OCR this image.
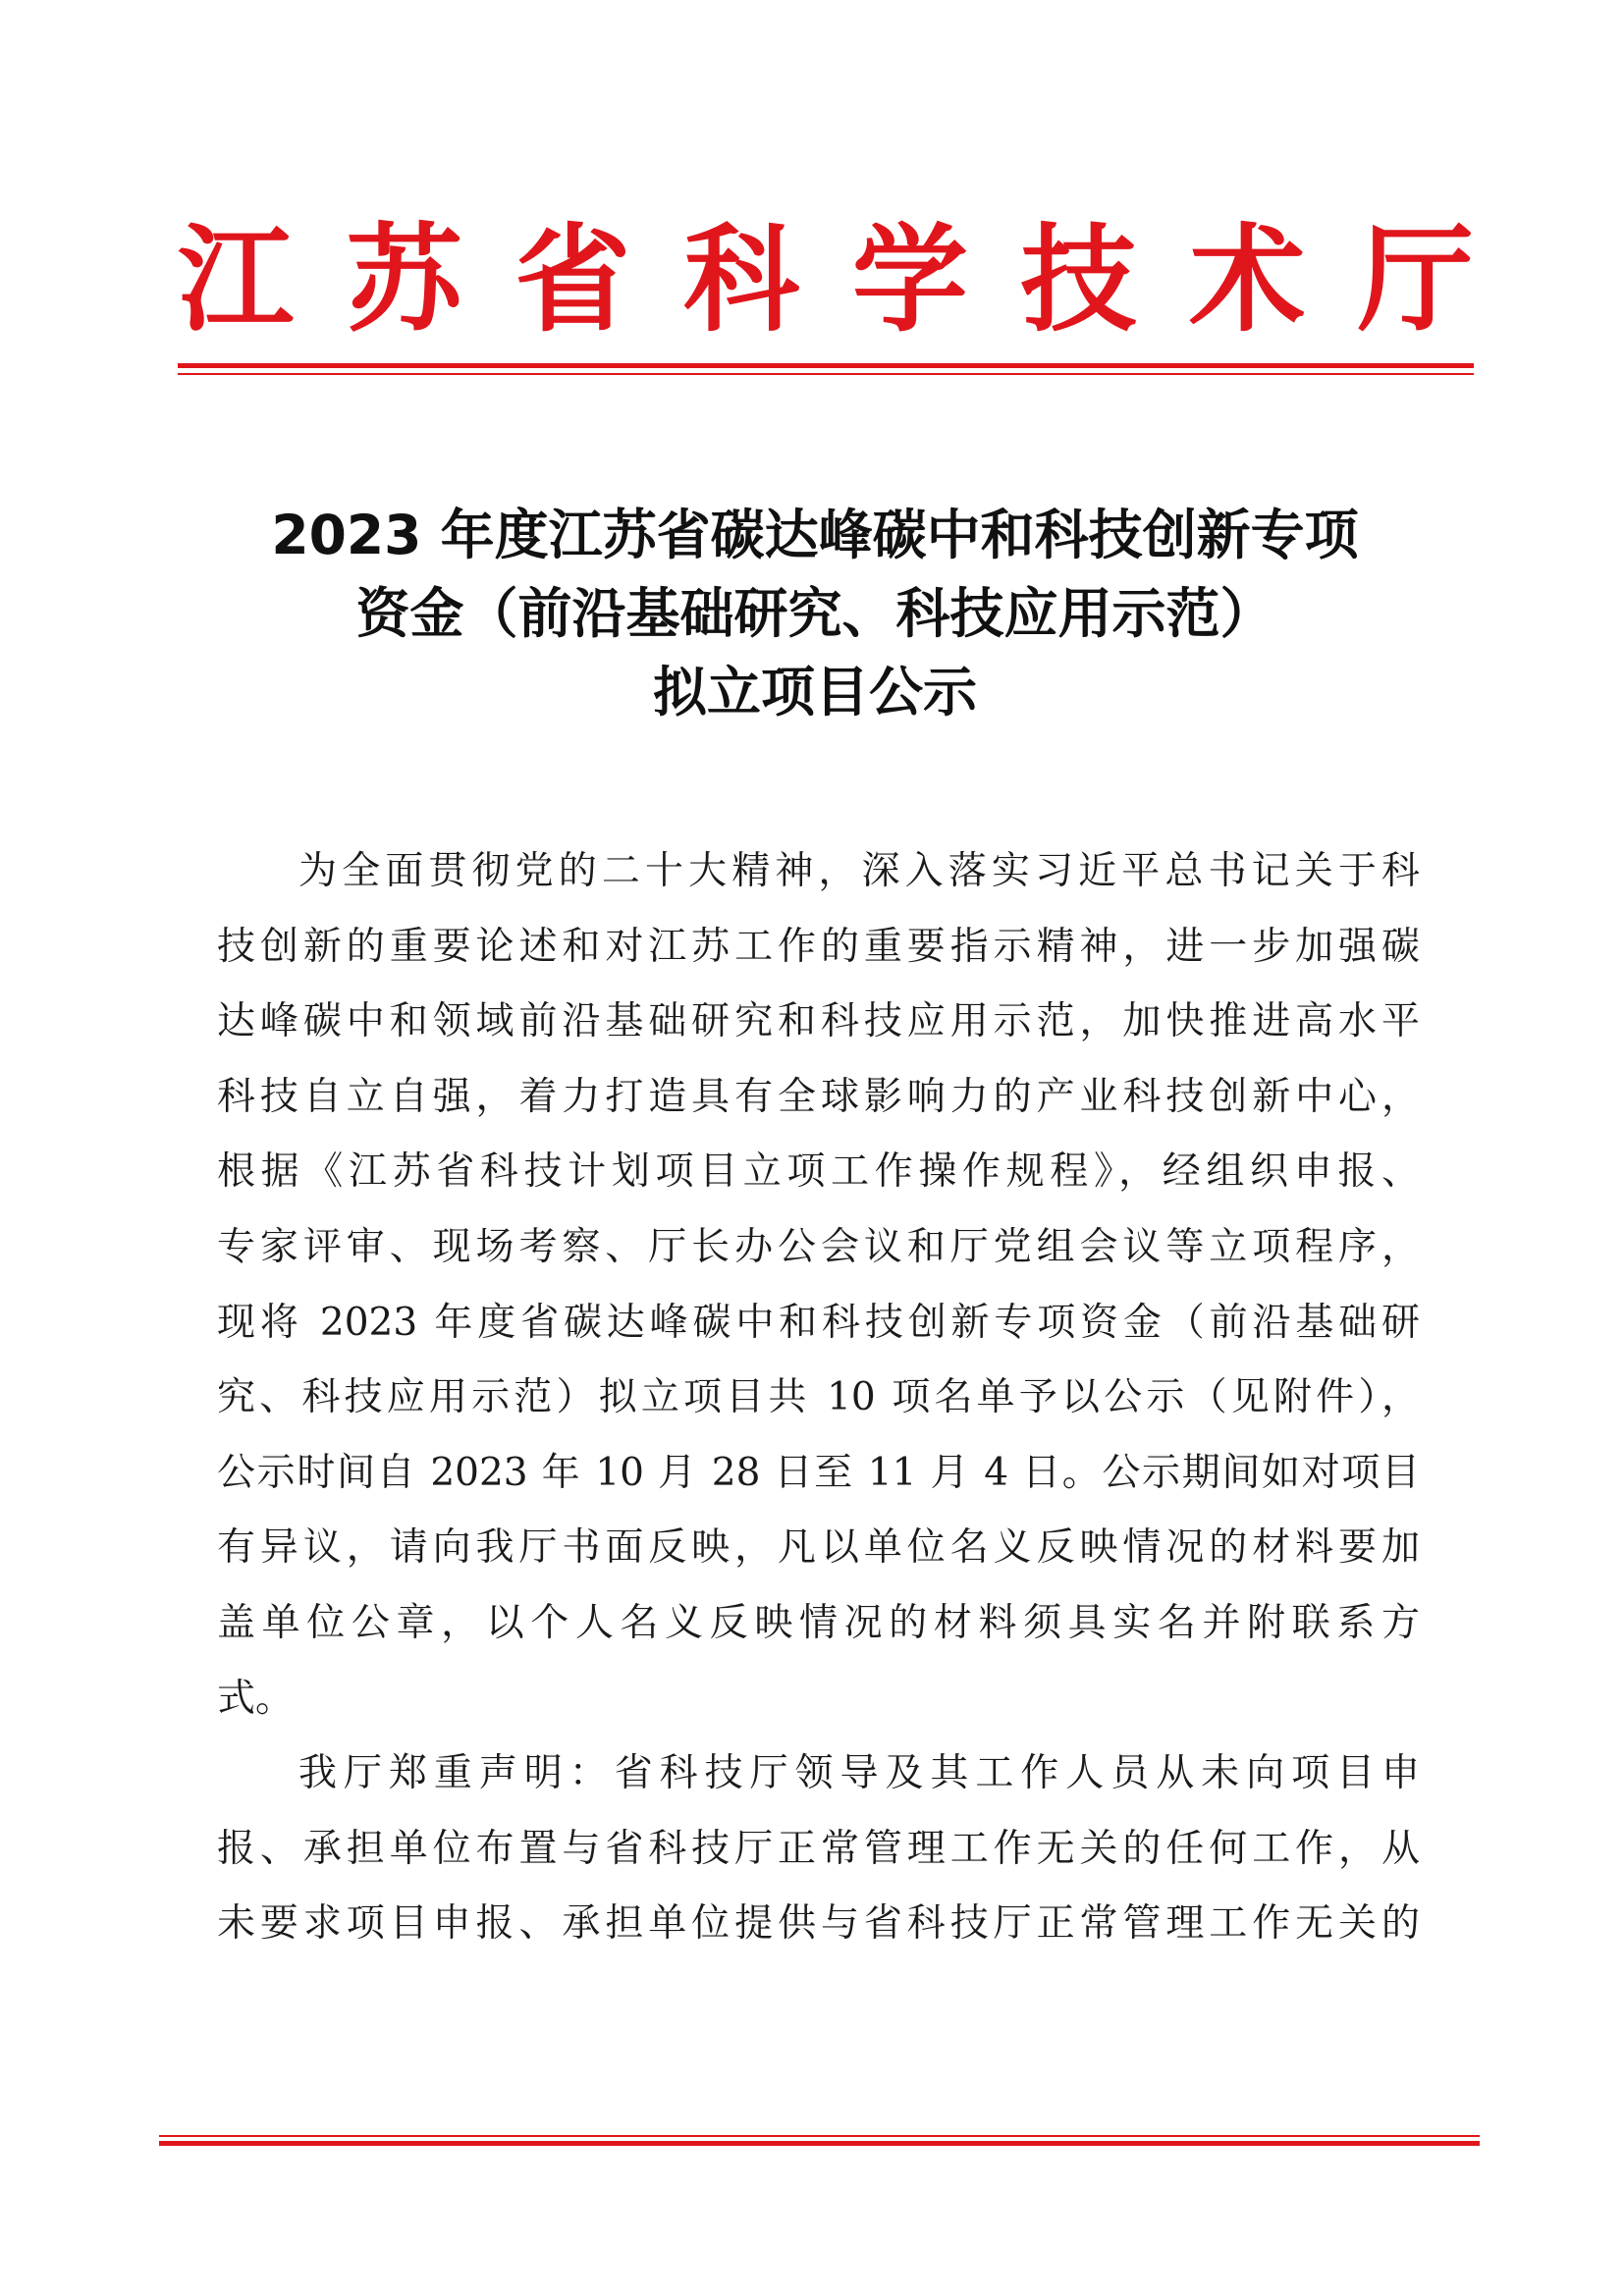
江 苏 省 科 学 技 术 厅
2023 年度江苏省碳达峰碳中和科技创新专项
资金（前沿基础研究、科技应用示范）
拟立项目公示
为全面贯彻党的二十大精神，深入落实习近平总书记关于科
技创新的重要论述和对江苏工作的重要指示精神，进一步加强碳
达峰碳中和领域前沿基础研究和科技应用示范，加快推进高水平
科技自立自强，着力打造具有全球影响力的产业科技创新中心，
根据《江苏省科技计划项目立项工作操作规程》，经组织申报、
专家评审、现场考察、厅长办公会议和厅党组会议等立项程序，
现将 2023 年度省碳达峰碳中和科技创新专项资金（前沿基础研
究、科技应用示范）拟立项目共 10 项名单予以公示（见附件），
公示时间自 2023 年 10 月 28 日至 11 月 4 日。公示期间如对项目
有异议，请向我厅书面反映，凡以单位名义反映情况的材料要加
盖单位公章，以个人名义反映情况的材料须具实名并附联系方
式。
我厅郑重声明：省科技厅领导及其工作人员从未向项目申
报、承担单位布置与省科技厅正常管理工作无关的任何工作，从
未要求项目申报、承担单位提供与省科技厅正常管理工作无关的
